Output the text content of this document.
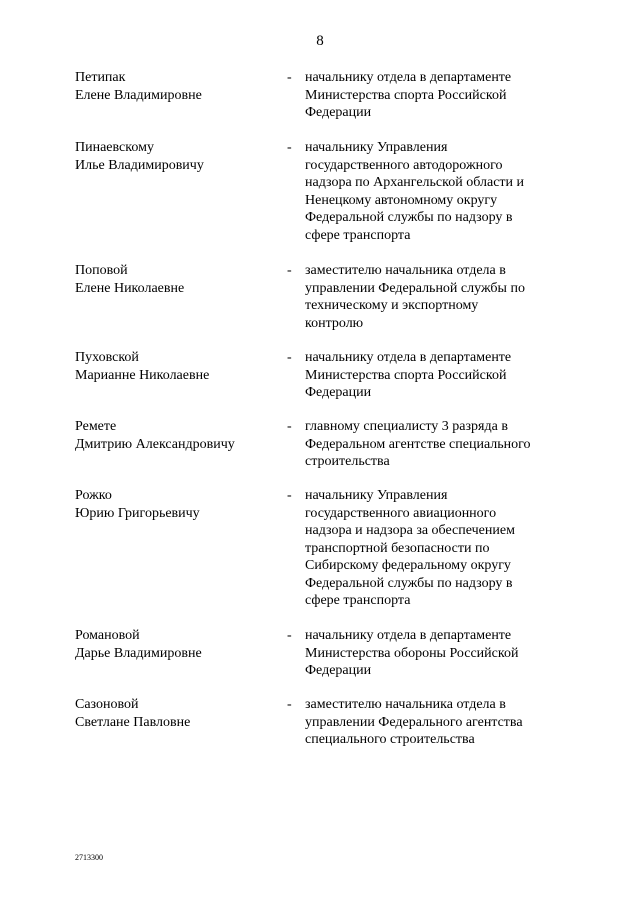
8
Петипак
Елене Владимировне
- начальнику отдела в департаменте
Министерства спорта Российской
Федерации
Пинаевскому
Илье Владимировичу
- начальнику Управления
государственного автодорожного
надзора по Архангельской области и
Ненецкому автономному округу
Федеральной службы по надзору в
сфере транспорта
Поповой
Елене Николаевне
- заместителю начальника отдела в
управлении Федеральной службы по
техническому и экспортному
контролю
Пуховской
Марианне Николаевне
- начальнику отдела в департаменте
Министерства спорта Российской
Федерации
Ремете
Дмитрию Александровичу
- главному специалисту 3 разряда в
Федеральном агентстве специального
строительства
Рожко
Юрию Григорьевичу
- начальнику Управления
государственного авиационного
надзора и надзора за обеспечением
транспортной безопасности по
Сибирскому федеральному округу
Федеральной службы по надзору в
сфере транспорта
Романовой
Дарье Владимировне
- начальнику отдела в департаменте
Министерства обороны Российской
Федерации
Сазоновой
Светлане Павловне
- заместителю начальника отдела в
управлении Федерального агентства
специального строительства
2713300
